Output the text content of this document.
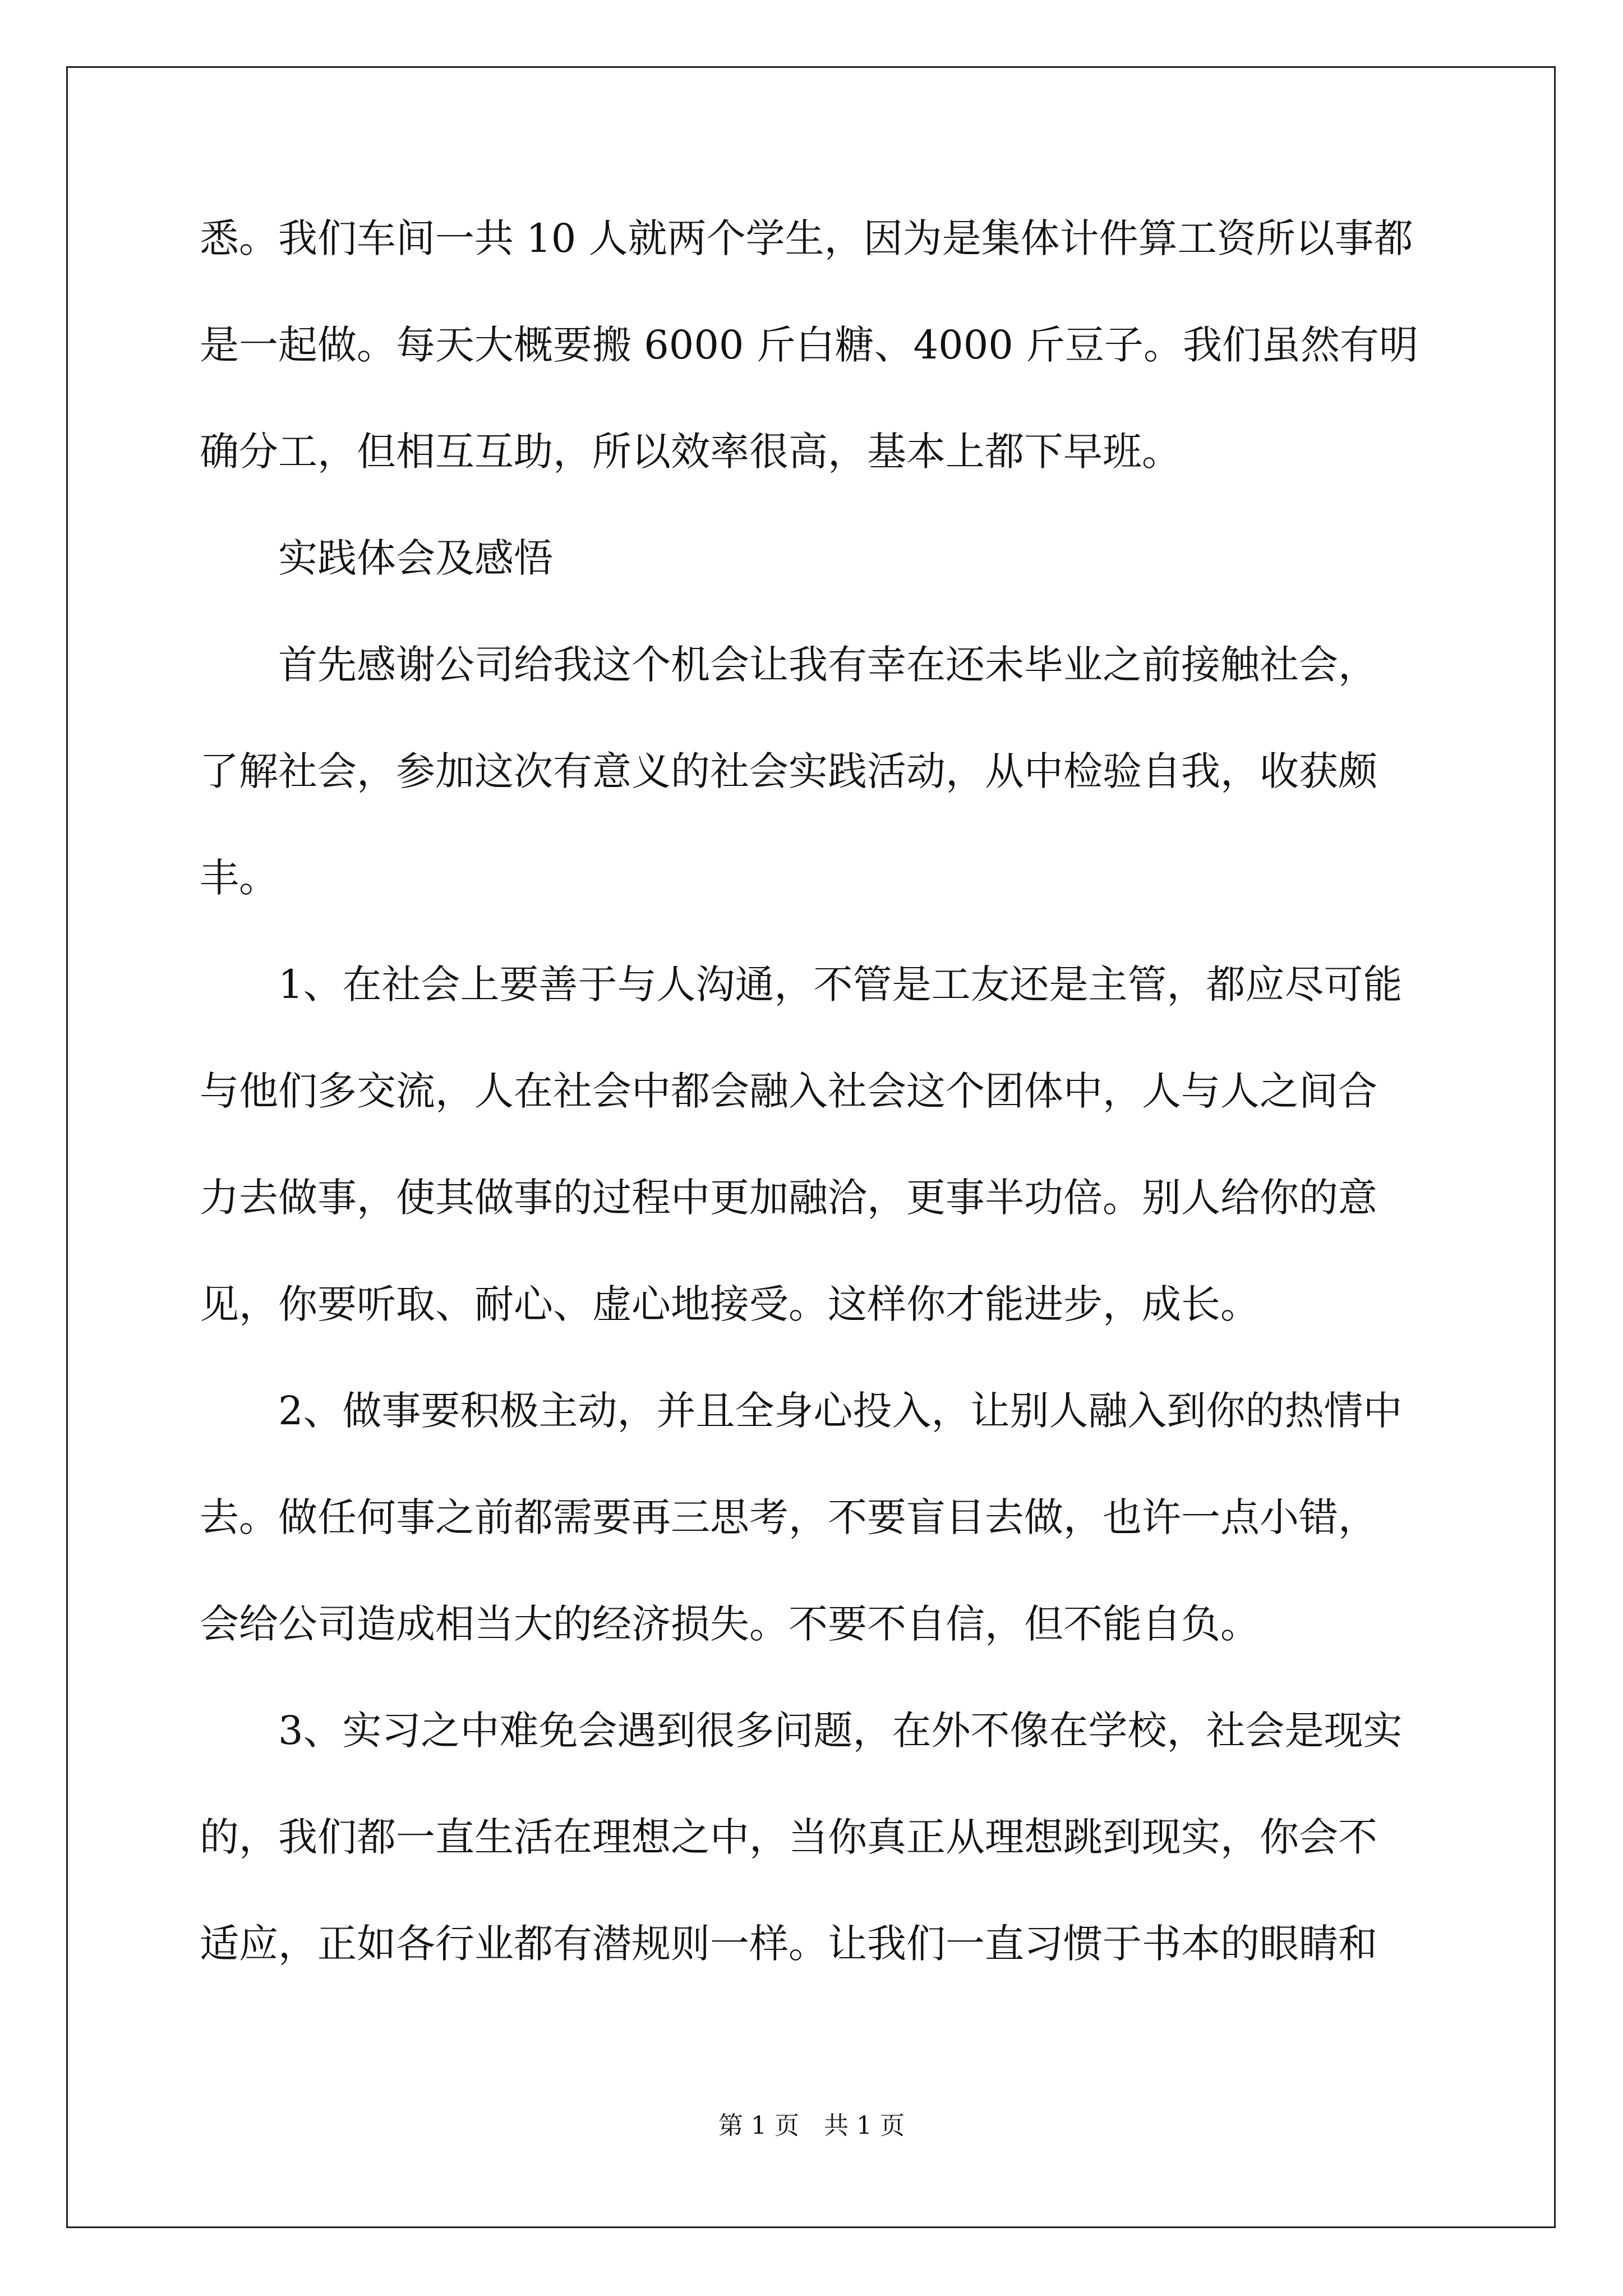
悉。我们车间一共 10 人就两个学生，因为是集体计件算工资所以事都
是一起做。每天大概要搬 6000 斤白糖、4000 斤豆子。我们虽然有明
确分工，但相互互助，所以效率很高，基本上都下早班。
实践体会及感悟
首先感谢公司给我这个机会让我有幸在还未毕业之前接触社会，
了解社会，参加这次有意义的社会实践活动，从中检验自我，收获颇
丰。
1、在社会上要善于与人沟通，不管是工友还是主管，都应尽可能
与他们多交流，人在社会中都会融入社会这个团体中，人与人之间合
力去做事，使其做事的过程中更加融洽，更事半功倍。别人给你的意
见，你要听取、耐心、虚心地接受。这样你才能进步，成长。
2、做事要积极主动，并且全身心投入，让别人融入到你的热情中
去。做任何事之前都需要再三思考，不要盲目去做，也许一点小错，
会给公司造成相当大的经济损失。不要不自信，但不能自负。
3、实习之中难免会遇到很多问题，在外不像在学校，社会是现实
的，我们都一直生活在理想之中，当你真正从理想跳到现实，你会不
适应，正如各行业都有潜规则一样。让我们一直习惯于书本的眼睛和
第 1 页　共 1 页
